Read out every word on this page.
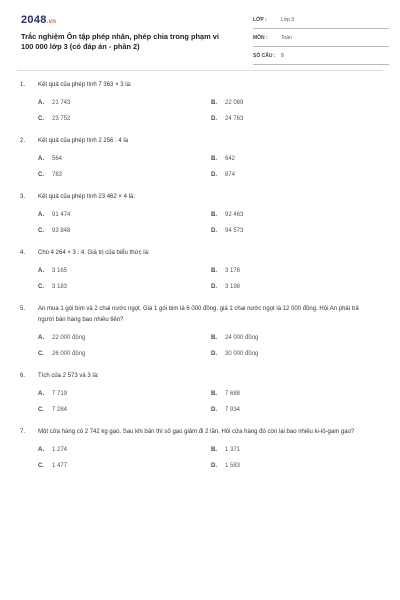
2048.vn
Trắc nghiệm Ôn tập phép nhân, phép chia trong phạm vi 100 000 lớp 3 (có đáp án - phần 2)
LỚP :	Lớp 3
MÔN :	Toán
SỐ CÂU : 8
1.	Kết quả của phép tính 7 363 × 3 là:
A.	21 743	B.	22 089
C.	23 752	D.	24 763
2.	Kết quả của phép tính 2 256 : 4 là
A.	564	B.	642
C.	783	D.	874
3.	Kết quả của phép tính 23 462 × 4 là:
A.	91 474	B.	92 463
C.	93 848	D.	94 573
4.	Cho 4 264 × 3 : 4. Giá trị của biểu thức là:
A.	3 165	B.	3 178
C.	3 183	D.	3 198
5.	An mua 1 gói bim và 2 chai nước ngọt. Giá 1 gói bim là 6 000 đồng, giá 1 chai nước ngọt là 12 000 đồng. Hỏi An phải trả người bán hàng bao nhiêu tiền?
A.	22 000 đồng	B.	24 000 đồng
C.	26 000 đồng	D.	30 000 đồng
6.	Tích của 2 573 và 3 là:
A.	7 719	B.	7 688
C.	7 284	D.	7 934
7.	Một cửa hàng có 2 742 kg gạo. Sau khi bán thì số gạo giảm đi 2 lần. Hỏi cửa hàng đó còn lại bao nhiêu ki-lô-gam gạo?
A.	1 274	B.	1 371
C.	1 477	D.	1 583
